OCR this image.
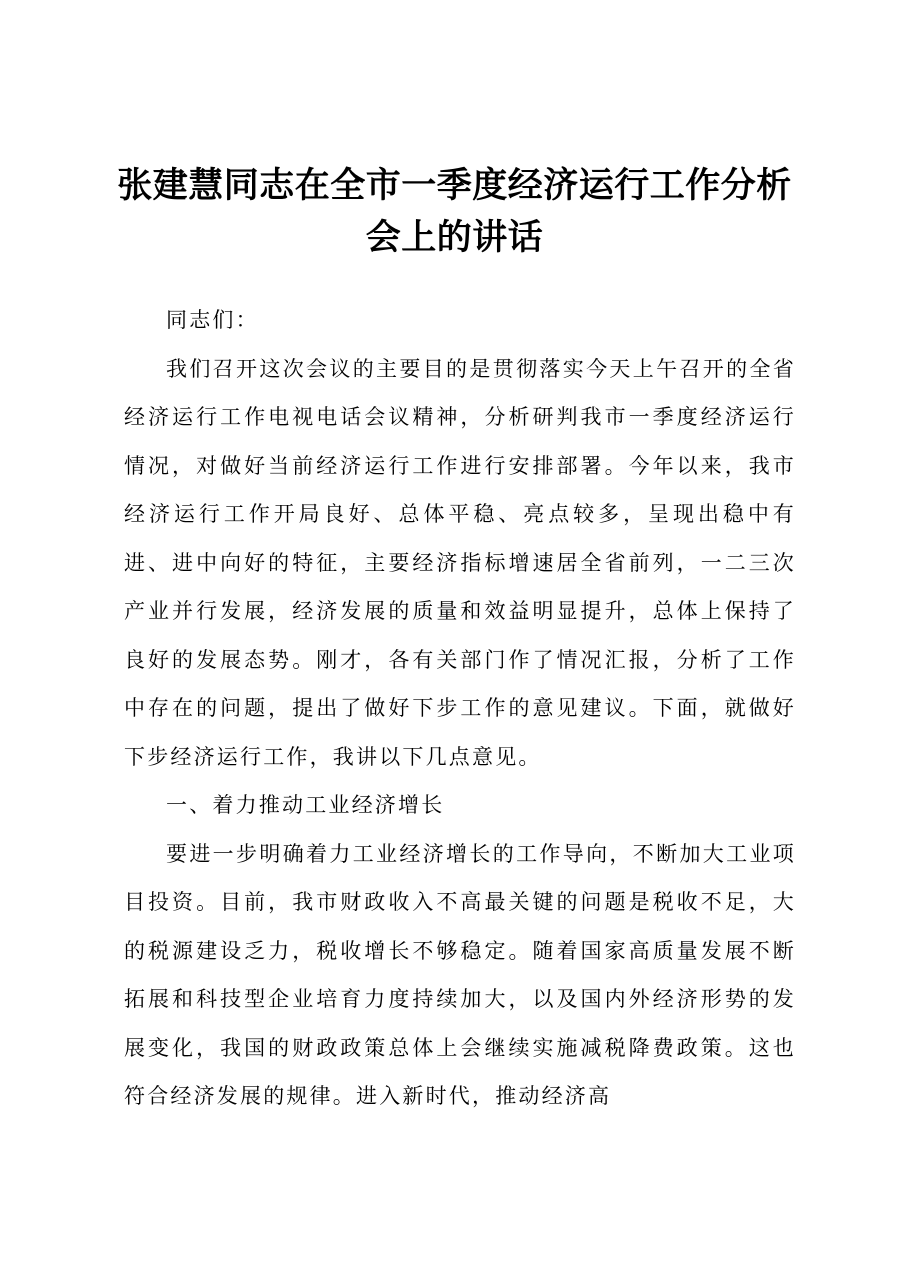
张建慧同志在全市一季度经济运行工作分析会上的讲话

同志们：

我们召开这次会议的主要目的是贯彻落实今天上午召开的全省经济运行工作电视电话会议精神，分析研判我市一季度经济运行情况，对做好当前经济运行工作进行安排部署。今年以来，我市经济运行工作开局良好、总体平稳、亮点较多，呈现出稳中有进、进中向好的特征，主要经济指标增速居全省前列，一二三次产业并行发展，经济发展的质量和效益明显提升，总体上保持了良好的发展态势。刚才，各有关部门作了情况汇报，分析了工作中存在的问题，提出了做好下步工作的意见建议。下面，就做好下步经济运行工作，我讲以下几点意见。

一、着力推动工业经济增长

要进一步明确着力工业经济增长的工作导向，不断加大工业项目投资。目前，我市财政收入不高最关键的问题是税收不足，大的税源建设乏力，税收增长不够稳定。随着国家高质量发展不断拓展和科技型企业培育力度持续加大，以及国内外经济形势的发展变化，我国的财政政策总体上会继续实施减税降费政策。这也符合经济发展的规律。进入新时代，推动经济高
